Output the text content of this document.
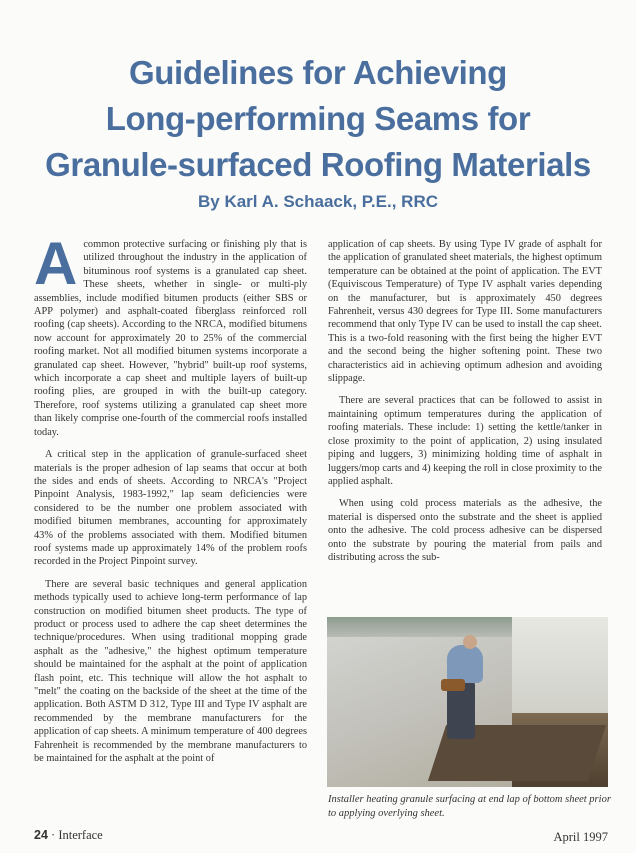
Guidelines for Achieving
Long-performing Seams for
Granule-surfaced Roofing Materials
By Karl A. Schaack, P.E., RRC

Acommon protective surfacing or finishing ply that is utilized throughout the industry in the application of bituminous roof systems is a granulated cap sheet. These sheets, whether in single- or multi-ply assemblies, include modified bitumen products (either SBS or APP polymer) and asphalt-coated fiberglass reinforced roll roofing (cap sheets). According to the NRCA, modified bitumens now account for approximately 20 to 25% of the commercial roofing market. Not all modified bitumen systems incorporate a granulated cap sheet. However, "hybrid" built-up roof systems, which incorporate a cap sheet and multiple layers of built-up roofing plies, are grouped in with the built-up category. Therefore, roof systems utilizing a granulated cap sheet more than likely comprise one-fourth of the commercial roofs installed today.

A critical step in the application of granule-surfaced sheet materials is the proper adhesion of lap seams that occur at both the sides and ends of sheets. According to NRCA's "Project Pinpoint Analysis, 1983-1992," lap seam deficiencies were considered to be the number one problem associated with modified bitumen membranes, accounting for approximately 43% of the problems associated with them. Modified bitumen roof systems made up approximately 14% of the problem roofs recorded in the Project Pinpoint survey.

There are several basic techniques and general application methods typically used to achieve long-term performance of lap construction on modified bitumen sheet products. The type of product or process used to adhere the cap sheet determines the technique/procedures. When using traditional mopping grade asphalt as the "adhesive," the highest optimum temperature should be maintained for the asphalt at the point of application flash point, etc. This technique will allow the hot asphalt to "melt" the coating on the backside of the sheet at the time of the application. Both ASTM D 312, Type III and Type IV asphalt are recommended by the membrane manufacturers for the application of cap sheets. A minimum temperature of 400 degrees Fahrenheit is recommended by the membrane manufacturers to be maintained for the asphalt at the point of

application of cap sheets. By using Type IV grade of asphalt for the application of granulated sheet materials, the highest optimum temperature can be obtained at the point of application. The EVT (Equiviscous Temperature) of Type IV asphalt varies depending on the manufacturer, but is approximately 450 degrees Fahrenheit, versus 430 degrees for Type III. Some manufacturers recommend that only Type IV can be used to install the cap sheet. This is a two-fold reasoning with the first being the higher EVT and the second being the higher softening point. These two characteristics aid in achieving optimum adhesion and avoiding slippage.

There are several practices that can be followed to assist in maintaining optimum temperatures during the application of roofing materials. These include: 1) setting the kettle/tanker in close proximity to the point of application, 2) using insulated piping and luggers, 3) minimizing holding time of asphalt in luggers/mop carts and 4) keeping the roll in close proximity to the applied asphalt.

When using cold process materials as the adhesive, the material is dispersed onto the substrate and the sheet is applied onto the adhesive. The cold process adhesive can be dispersed onto the substrate by pouring the material from pails and distributing across the sub-

Installer heating granule surfacing at end lap of bottom sheet prior to applying overlying sheet.
24 · Interface	April 1997
